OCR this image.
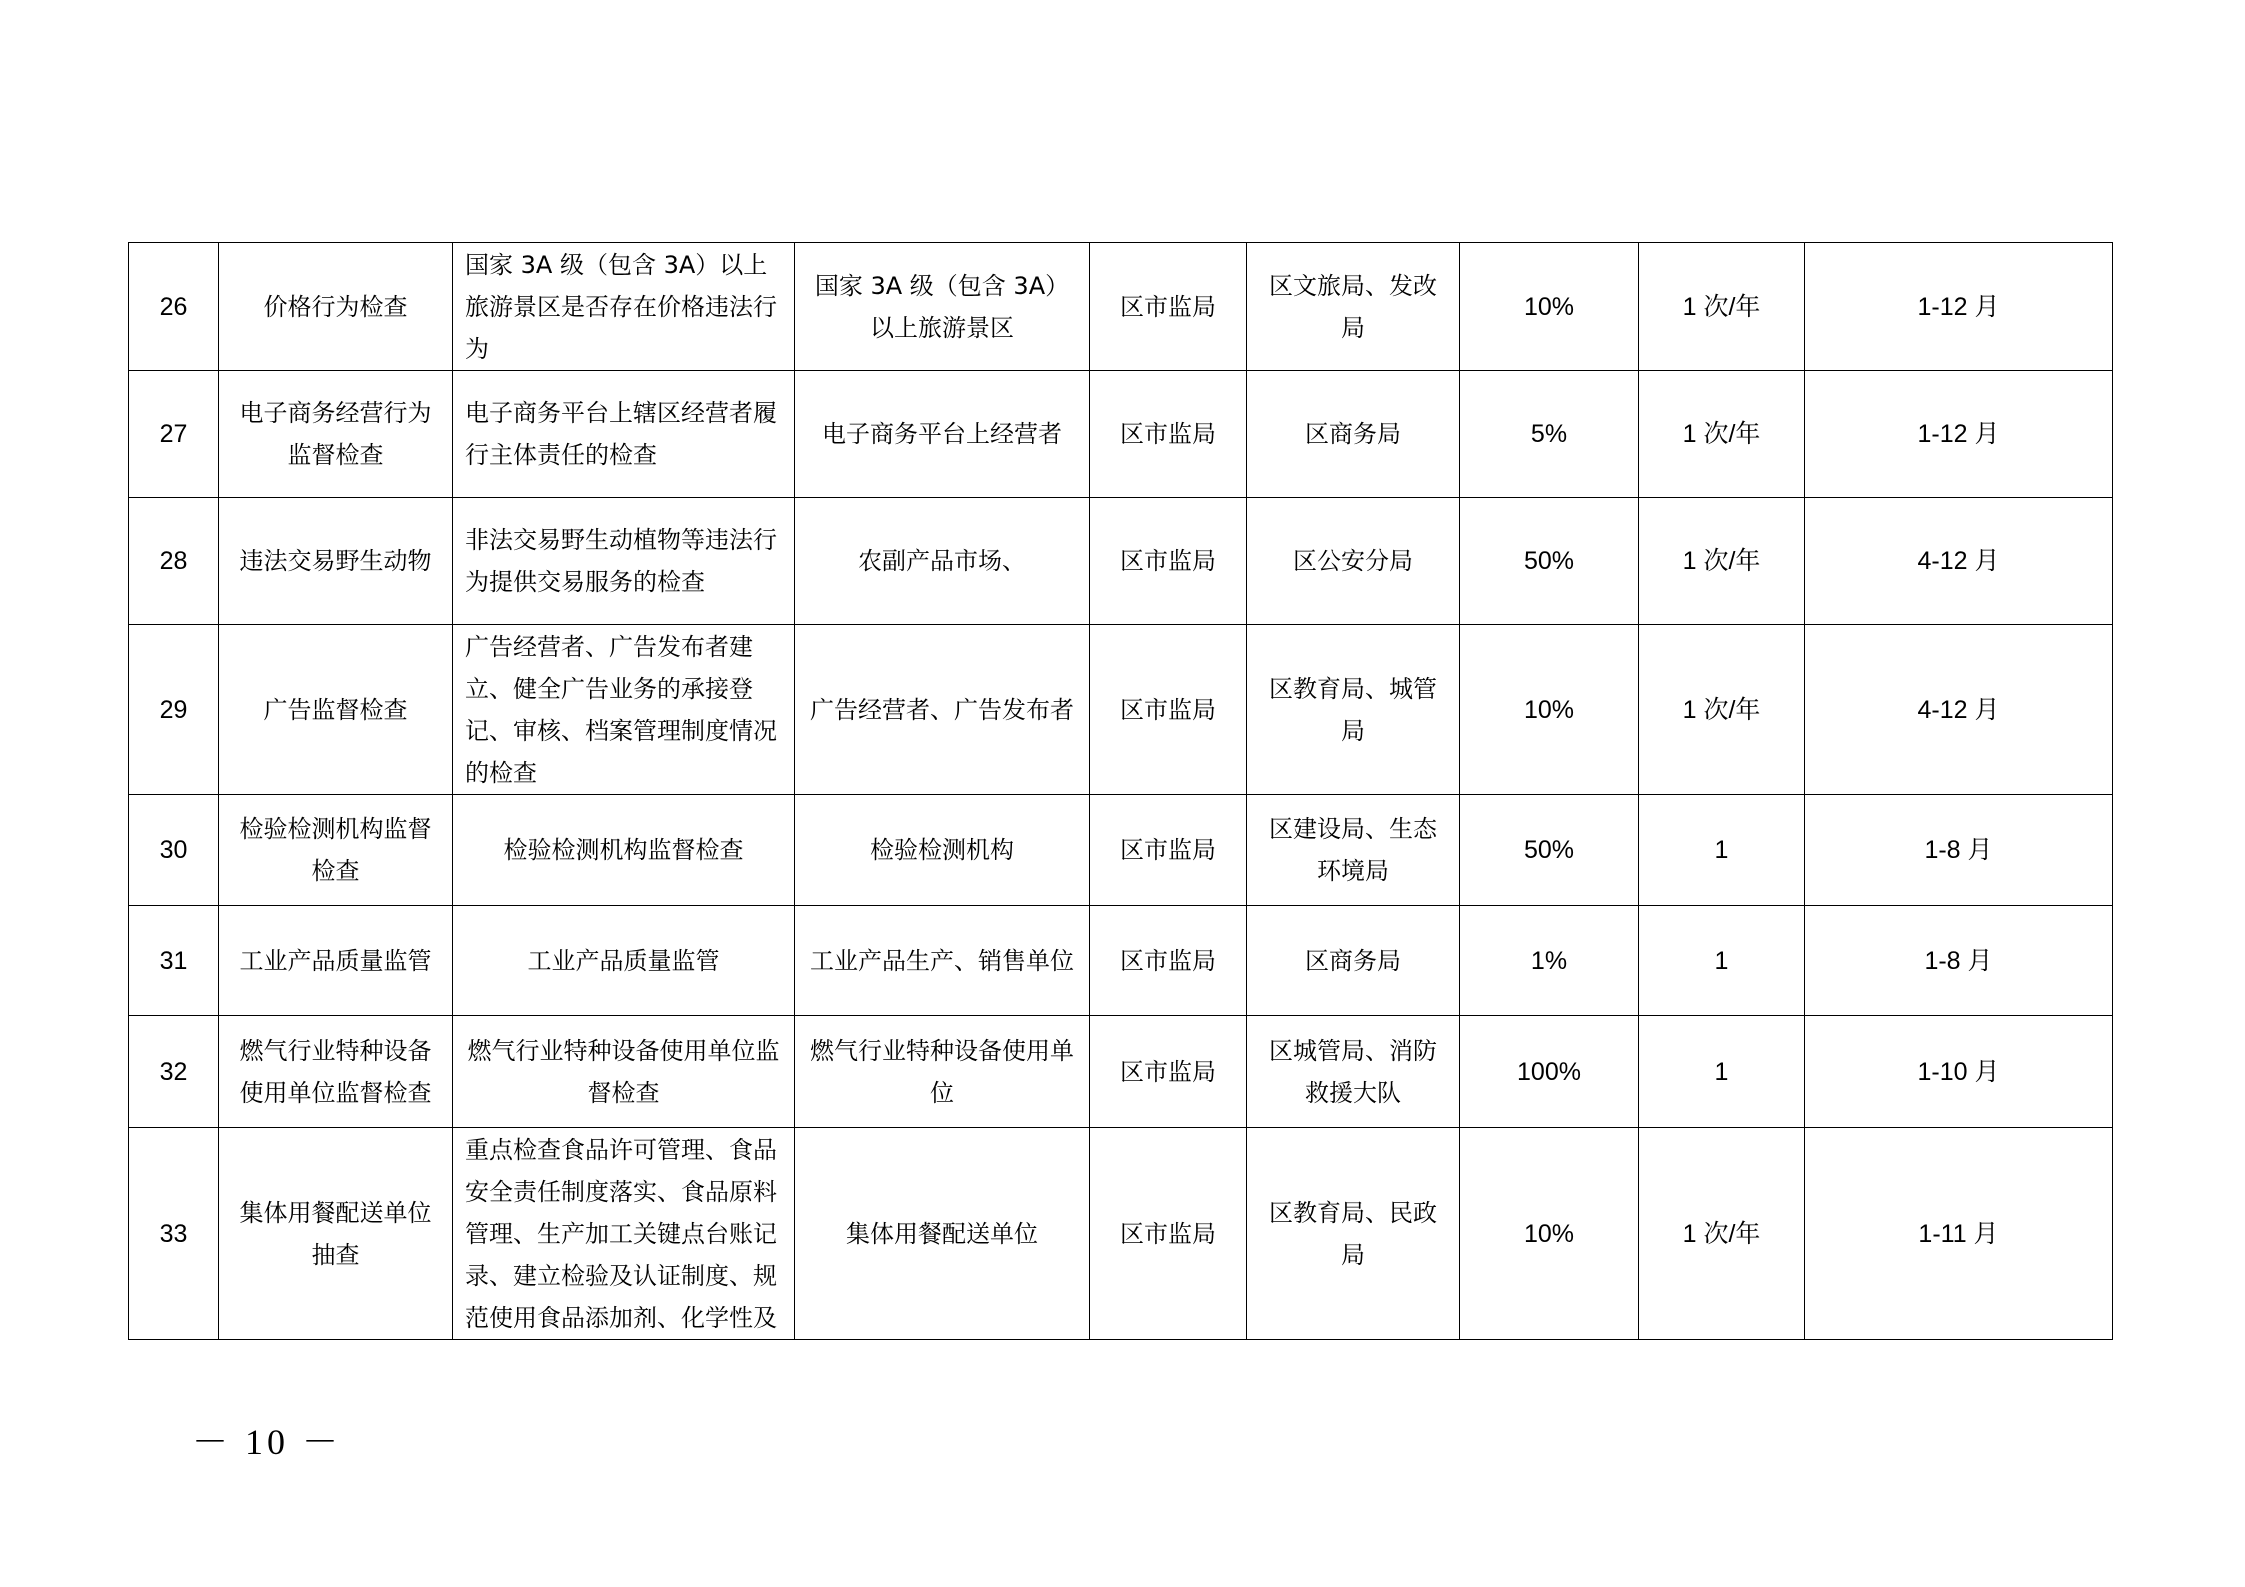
26	价格行为检查	国家 3A 级（包含 3A）以上旅游景区是否存在价格违法行为	国家 3A 级（包含 3A）以上旅游景区	区市监局	区文旅局、发改局	10%	1 次/年	1-12 月
27	电子商务经营行为监督检查	电子商务平台上辖区经营者履行主体责任的检查	电子商务平台上经营者	区市监局	区商务局	5%	1 次/年	1-12 月
28	违法交易野生动物	非法交易野生动植物等违法行为提供交易服务的检查	农副产品市场、	区市监局	区公安分局	50%	1 次/年	4-12 月
29	广告监督检查	广告经营者、广告发布者建立、健全广告业务的承接登记、审核、档案管理制度情况的检查	广告经营者、广告发布者	区市监局	区教育局、城管局	10%	1 次/年	4-12 月
30	检验检测机构监督检查	检验检测机构监督检查	检验检测机构	区市监局	区建设局、生态环境局	50%	1	1-8 月
31	工业产品质量监管	工业产品质量监管	工业产品生产、销售单位	区市监局	区商务局	1%	1	1-8 月
32	燃气行业特种设备使用单位监督检查	燃气行业特种设备使用单位监督检查	燃气行业特种设备使用单位	区市监局	区城管局、消防救援大队	100%	1	1-10 月
33	集体用餐配送单位抽查	重点检查食品许可管理、食品安全责任制度落实、食品原料管理、生产加工关键点台账记录、建立检验及认证制度、规范使用食品添加剂、化学性及	集体用餐配送单位	区市监局	区教育局、民政局	10%	1 次/年	1-11 月
－ 10 －
